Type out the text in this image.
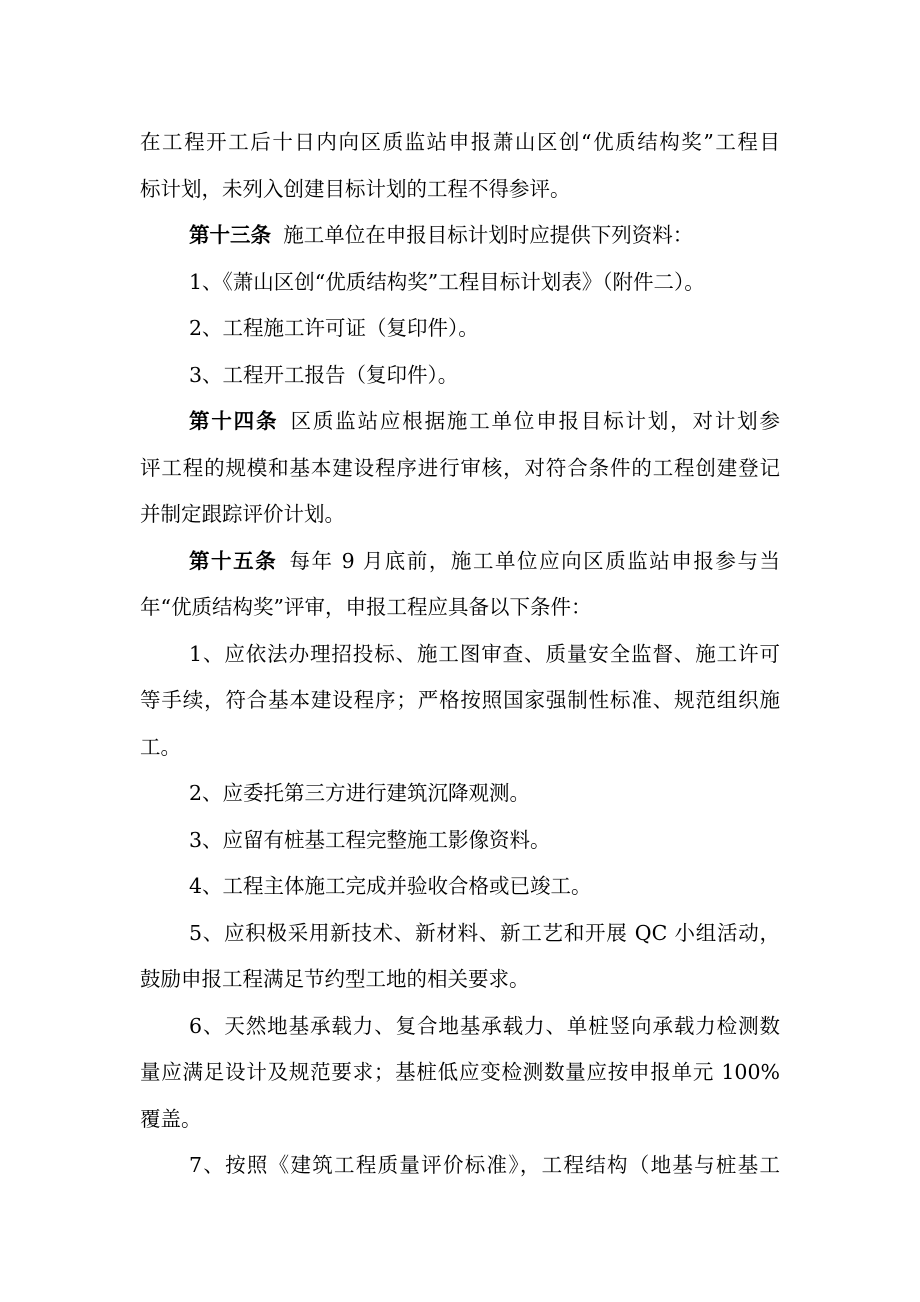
在工程开工后十日内向区质监站申报萧山区创“优质结构奖”工程目
标计划，未列入创建目标计划的工程不得参评。
第十三条 施工单位在申报目标计划时应提供下列资料：
1、《萧山区创“优质结构奖”工程目标计划表》（附件二）。
2、工程施工许可证（复印件）。
3、工程开工报告（复印件）。
第十四条 区质监站应根据施工单位申报目标计划，对计划参
评工程的规模和基本建设程序进行审核，对符合条件的工程创建登记
并制定跟踪评价计划。
第十五条 每年 9 月底前，施工单位应向区质监站申报参与当
年“优质结构奖”评审，申报工程应具备以下条件：
1、应依法办理招投标、施工图审查、质量安全监督、施工许可
等手续，符合基本建设程序；严格按照国家强制性标准、规范组织施
工。
2、应委托第三方进行建筑沉降观测。
3、应留有桩基工程完整施工影像资料。
4、工程主体施工完成并验收合格或已竣工。
5、应积极采用新技术、新材料、新工艺和开展 QC 小组活动，
鼓励申报工程满足节约型工地的相关要求。
6、天然地基承载力、复合地基承载力、单桩竖向承载力检测数
量应满足设计及规范要求；基桩低应变检测数量应按申报单元 100%
覆盖。
7、按照《建筑工程质量评价标准》，工程结构（地基与桩基工
